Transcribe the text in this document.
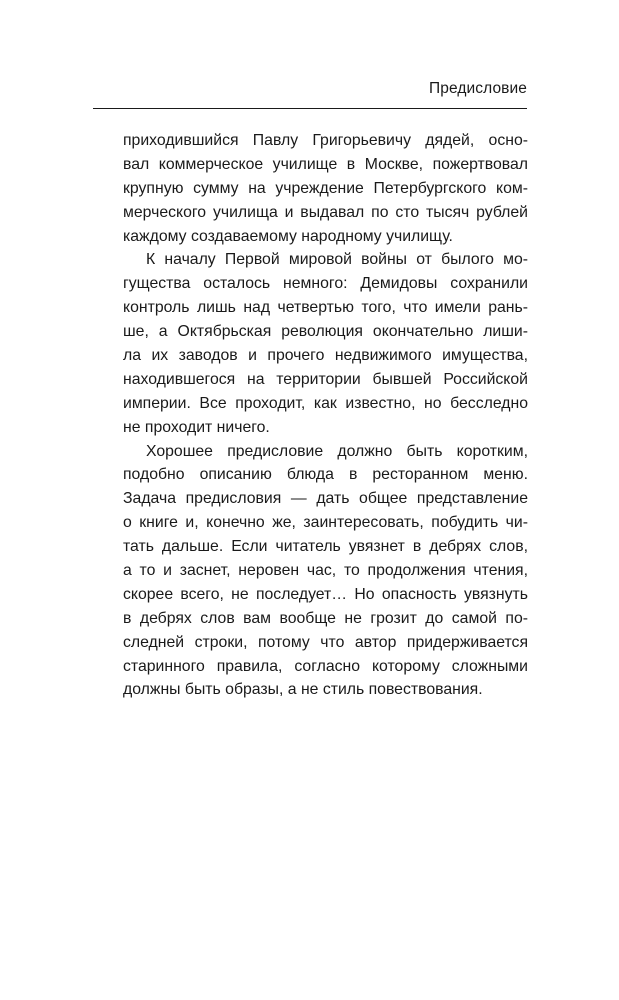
Предисловие
приходившийся Павлу Григорьевичу дядей, осно-
вал коммерческое училище в Москве, пожертвовал
крупную сумму на учреждение Петербургского ком-
мерческого училища и выдавал по сто тысяч рублей
каждому создаваемому народному училищу.
К началу Первой мировой войны от былого мо-
гущества осталось немного: Демидовы сохранили
контроль лишь над четвертью того, что имели рань-
ше, а Октябрьская революция окончательно лиши-
ла их заводов и прочего недвижимого имущества,
находившегося на территории бывшей Российской
империи. Все проходит, как известно, но бесследно
не проходит ничего.
Хорошее предисловие должно быть коротким,
подобно описанию блюда в ресторанном меню.
Задача предисловия — дать общее представление
о книге и, конечно же, заинтересовать, побудить чи-
тать дальше. Если читатель увязнет в дебрях слов,
а то и заснет, неровен час, то продолжения чтения,
скорее всего, не последует… Но опасность увязнуть
в дебрях слов вам вообще не грозит до самой по-
следней строки, потому что автор придерживается
старинного правила, согласно которому сложными
должны быть образы, а не стиль повествования.
